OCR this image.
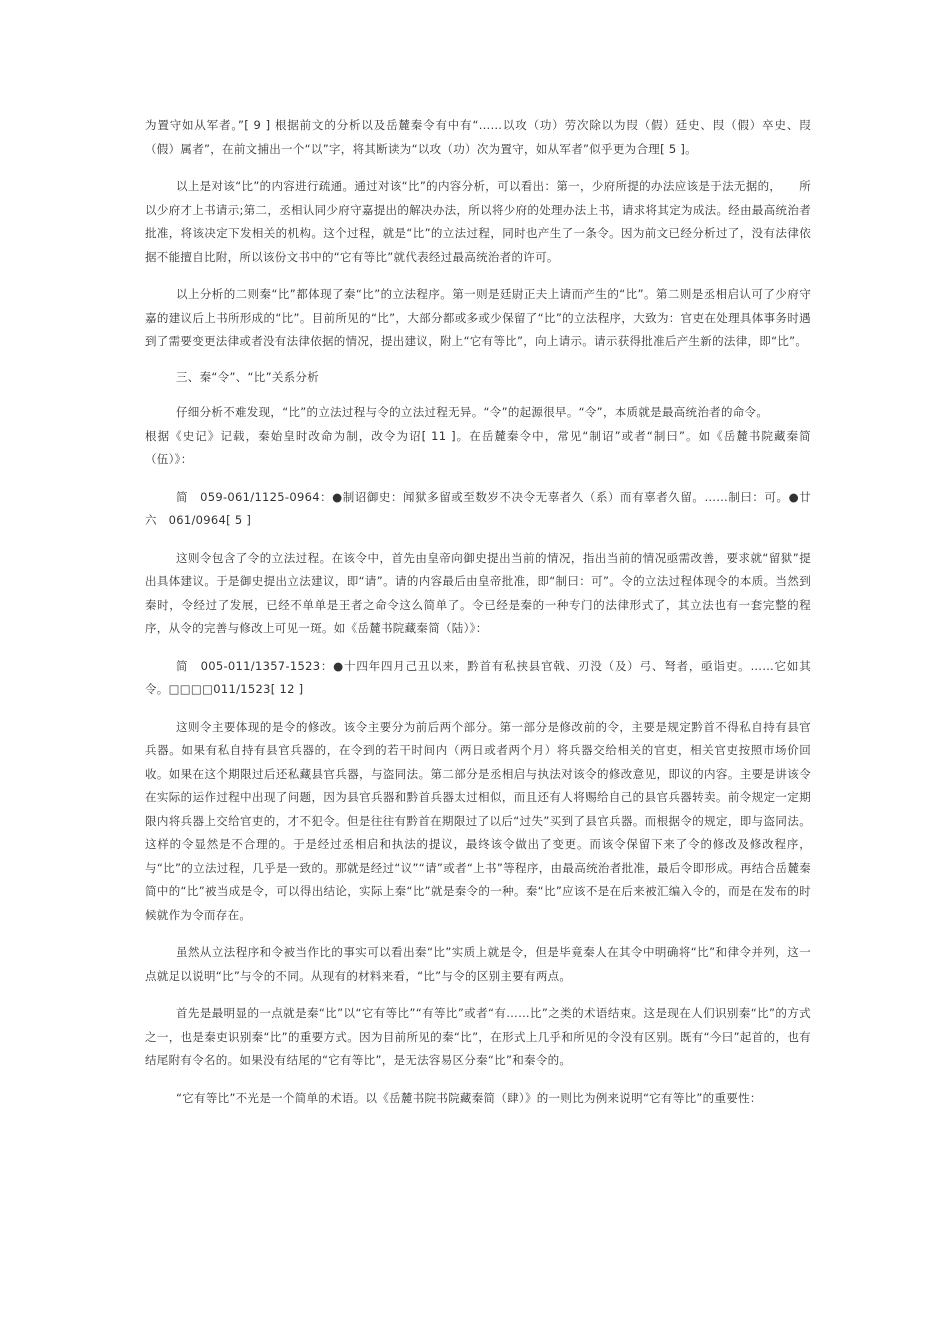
为置守如从军者。”[ 9 ] 根据前文的分析以及岳麓秦令有中有“……以攻（功）劳次除以为叚（假）廷史、叚（假）卒史、叚（假）属者”，在前文捕出一个“以”字，将其断读为“以攻（功）次为置守，如从军者”似乎更为合理[ 5 ]。

以上是对该“比”的内容进行疏通。通过对该“比”的内容分析，可以看出：第一，少府所提的办法应该是于法无据的，　　所以少府才上书请示;第二，丞相认同少府守嘉提出的解决办法，所以将少府的处理办法上书，请求将其定为成法。经由最高统治者批准，将该决定下发相关的机构。这个过程，就是“比”的立法过程，同时也产生了一条令。因为前文已经分析过了，没有法律依据不能擅自比附，所以该份文书中的“它有等比”就代表经过最高统治者的许可。

以上分析的二则秦“比”都体现了秦“比”的立法程序。第一则是廷尉正夫上请而产生的“比”。第二则是丞相启认可了少府守嘉的建议后上书所形成的“比”。目前所见的“比”，大部分都或多或少保留了“比”的立法程序，大致为：官吏在处理具体事务时遇到了需要变更法律或者没有法律依据的情况，提出建议，附上“它有等比”，向上请示。请示获得批准后产生新的法律，即“比”。

三、秦“令”、“比”关系分析

仔细分析不难发现，“比”的立法过程与令的立法过程无异。“令”的起源很早。“令”，本质就是最高统治者的命令。

根据《史记》记载，秦始皇时改命为制，改令为诏[ 11 ]。在岳麓秦令中，常见“制诏”或者“制曰”。如《岳麓书院藏秦简（伍）》：

简　059-061/1125-0964：●制诏御史：闻狱多留或至数岁不决令无辜者久（系）而有辜者久留。……制曰：可。●廿六　061/0964[ 5 ]

这则令包含了令的立法过程。在该令中，首先由皇帝向御史提出当前的情况，指出当前的情况亟需改善，要求就“留狱”提出具体建议。于是御史提出立法建议，即“请”。请的内容最后由皇帝批准，即“制曰：可”。令的立法过程体现令的本质。当然到秦时，令经过了发展，已经不单单是王者之命令这么简单了。令已经是秦的一种专门的法律形式了，其立法也有一套完整的程序，从令的完善与修改上可见一斑。如《岳麓书院藏秦简（陆）》：

简　005-011/1357-1523：●十四年四月己丑以来，黔首有私挟县官戟、刃没（及）弓、弩者，亟诣吏。……它如其令。□□□□011/1523[ 12 ]

这则令主要体现的是令的修改。该令主要分为前后两个部分。第一部分是修改前的令，主要是规定黔首不得私自持有县官兵器。如果有私自持有县官兵器的，在令到的若干时间内（两日或者两个月）将兵器交给相关的官吏，相关官吏按照市场价回收。如果在这个期限过后还私藏县官兵器，与盗同法。第二部分是丞相启与执法对该令的修改意见，即议的内容。主要是讲该令在实际的运作过程中出现了问题，因为县官兵器和黔首兵器太过相似，而且还有人将赐给自己的县官兵器转卖。前令规定一定期限内将兵器上交给官吏的，才不犯令。但是往往有黔首在期限过了以后“过失”买到了县官兵器。而根据令的规定，即与盗同法。这样的令显然是不合理的。于是经过丞相启和执法的提议，最终该令做出了变更。而该令保留下来了令的修改及修改程序，与“比”的立法过程，几乎是一致的。那就是经过“议”“请”或者“上书”等程序，由最高统治者批准，最后令即形成。再结合岳麓秦简中的“比”被当成是令，可以得出结论，实际上秦“比”就是秦令的一种。秦“比”应该不是在后来被汇编入令的，而是在发布的时候就作为令而存在。

虽然从立法程序和令被当作比的事实可以看出秦“比”实质上就是令，但是毕竟秦人在其令中明确将“比”和律令并列，这一点就足以说明“比”与令的不同。从现有的材料来看，“比”与令的区别主要有两点。

首先是最明显的一点就是秦“比”以“它有等比”“有等比”或者“有……比”之类的术语结束。这是现在人们识别秦“比”的方式之一，也是秦吏识别秦“比”的重要方式。因为目前所见的秦“比”，在形式上几乎和所见的令没有区别。既有“今曰”起首的，也有结尾附有令名的。如果没有结尾的“它有等比”，是无法容易区分秦“比”和秦令的。

“它有等比”不光是一个简单的术语。以《岳麓书院书院藏秦简（肆）》的一则比为例来说明“它有等比”的重要性：
